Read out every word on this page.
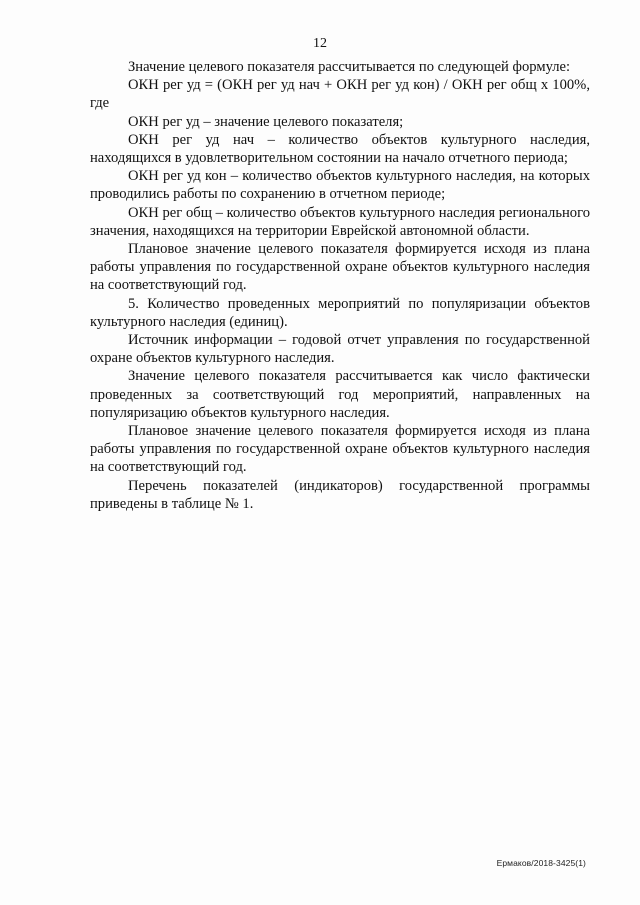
12

Значение целевого показателя рассчитывается по следующей формуле:

ОКН рег уд = (ОКН рег уд нач + ОКН рег уд кон) / ОКН рег общ x 100%, где

ОКН рег уд – значение целевого показателя;

ОКН рег уд нач – количество объектов культурного наследия, находящихся в удовлетворительном состоянии на начало отчетного периода;

ОКН рег уд кон – количество объектов культурного наследия, на которых проводились работы по сохранению в отчетном периоде;

ОКН рег общ – количество объектов культурного наследия регионального значения, находящихся на территории Еврейской автономной области.

Плановое значение целевого показателя формируется исходя из плана работы управления по государственной охране объектов культурного наследия на соответствующий год.

5. Количество проведенных мероприятий по популяризации объектов культурного наследия (единиц).

Источник информации – годовой отчет управления по государственной охране объектов культурного наследия.

Значение целевого показателя рассчитывается как число фактически проведенных за соответствующий год мероприятий, направленных на популяризацию объектов культурного наследия.

Плановое значение целевого показателя формируется исходя из плана работы управления по государственной охране объектов культурного наследия на соответствующий год.

Перечень показателей (индикаторов) государственной программы приведены в таблице № 1.

Ермаков/2018-3425(1)
